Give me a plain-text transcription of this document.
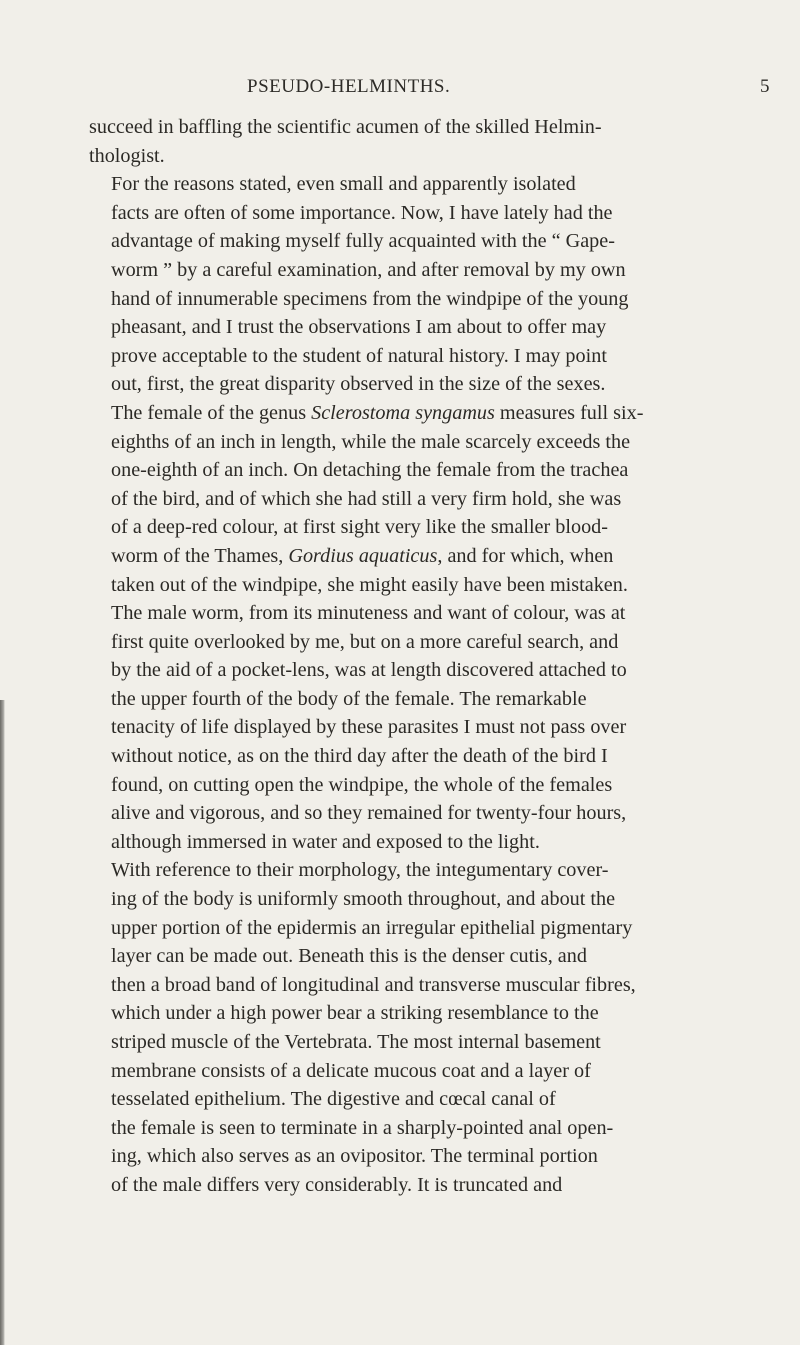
PSEUDO-HELMINTHS.	5

succeed in baffling the scientific acumen of the skilled Helmin-
thologist.

For the reasons stated, even small and apparently isolated
facts are often of some importance. Now, I have lately had the
advantage of making myself fully acquainted with the “ Gape-
worm ” by a careful examination, and after removal by my own
hand of innumerable specimens from the windpipe of the young
pheasant, and I trust the observations I am about to offer may
prove acceptable to the student of natural history. I may point
out, first, the great disparity observed in the size of the sexes.
The female of the genus Sclerostoma syngamus measures full six-
eighths of an inch in length, while the male scarcely exceeds the
one-eighth of an inch. On detaching the female from the trachea
of the bird, and of which she had still a very firm hold, she was
of a deep-red colour, at first sight very like the smaller blood-
worm of the Thames, Gordius aquaticus, and for which, when
taken out of the windpipe, she might easily have been mistaken.
The male worm, from its minuteness and want of colour, was at
first quite overlooked by me, but on a more careful search, and
by the aid of a pocket-lens, was at length discovered attached to
the upper fourth of the body of the female. The remarkable
tenacity of life displayed by these parasites I must not pass over
without notice, as on the third day after the death of the bird I
found, on cutting open the windpipe, the whole of the females
alive and vigorous, and so they remained for twenty-four hours,
although immersed in water and exposed to the light.

With reference to their morphology, the integumentary cover-
ing of the body is uniformly smooth throughout, and about the
upper portion of the epidermis an irregular epithelial pigmentary
layer can be made out. Beneath this is the denser cutis, and
then a broad band of longitudinal and transverse muscular fibres,
which under a high power bear a striking resemblance to the
striped muscle of the Vertebrata. The most internal basement
membrane consists of a delicate mucous coat and a layer of
tesselated epithelium. The digestive and cœcal canal of
the female is seen to terminate in a sharply-pointed anal open-
ing, which also serves as an ovipositor. The terminal portion
of the male differs very considerably. It is truncated and
